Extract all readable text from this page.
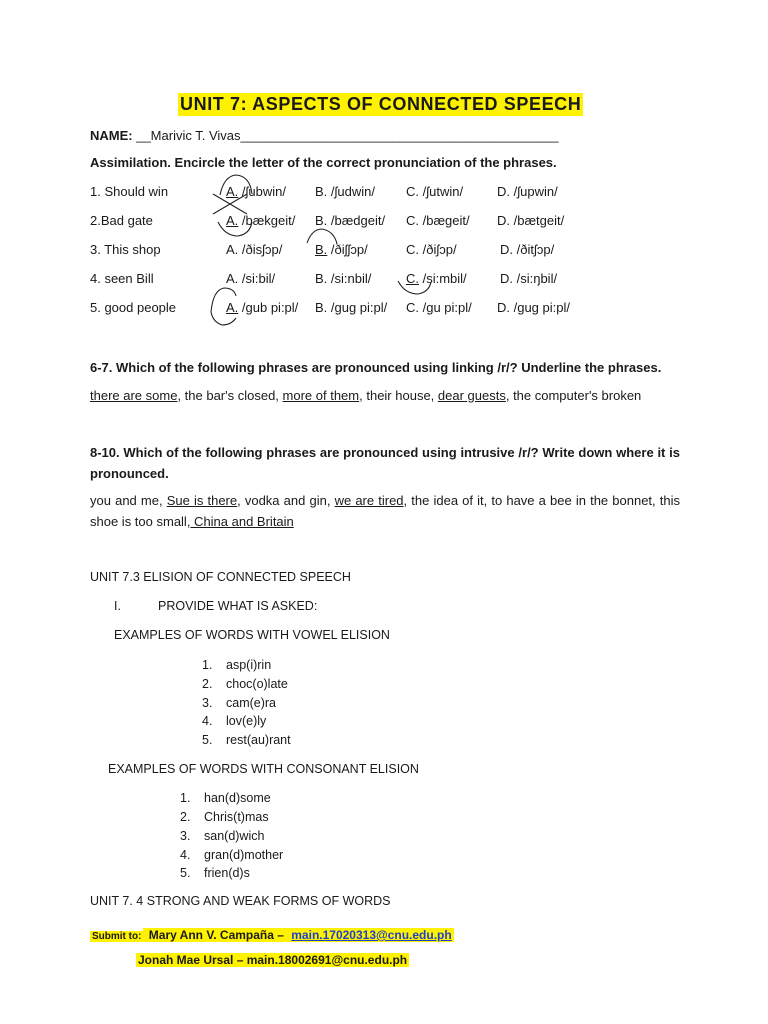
UNIT 7: ASPECTS OF CONNECTED SPEECH
NAME: __Marivic T. Vivas____________________________________________
Assimilation. Encircle the letter of the correct pronunciation of the phrases.
1. Should win	A. /ʃubwin/ B. /ʃudwin/ C. /ʃutwin/	D. /ʃupwin/
2.Bad gate	A. /bækgeit/ B. /bædgeit/ C. /bægeit/ D. /bætgeit/
3. This shop	A. /ðisʃɔp/	B. /ðiʃʃɔp/	C. /ðiʃɔp/	D. /ðitʃɔp/
4. seen Bill	A. /si:bil/	B. /si:nbil/	C. /si:mbil/	D. /si:ŋbil/
5. good people	A. /gub pi:pl/ B. /gug pi:pl/ C. /gu pi:pl/ D. /gug pi:pl/
6-7. Which of the following phrases are pronounced using linking /r/? Underline the phrases.
there are some, the bar's closed, more of them, their house, dear guests, the computer's broken
8-10. Which of the following phrases are pronounced using intrusive /r/? Write down where it is pronounced.
you and me, Sue is there, vodka and gin, we are tired, the idea of it, to have a bee in the bonnet, this shoe is too small, China and Britain
UNIT 7.3 ELISION OF CONNECTED SPEECH
I.	PROVIDE WHAT IS ASKED:
EXAMPLES OF WORDS WITH VOWEL ELISION
1. asp(i)rin
2. choc(o)late
3. cam(e)ra
4. lov(e)ly
5. rest(au)rant
EXAMPLES OF WORDS WITH CONSONANT ELISION
1. han(d)some
2. Chris(t)mas
3. san(d)wich
4. gran(d)mother
5. frien(d)s
UNIT 7. 4 STRONG AND WEAK FORMS OF WORDS
Submit to: Mary Ann V. Campaña – main.17020313@cnu.edu.ph
Jonah Mae Ursal – main.18002691@cnu.edu.ph
